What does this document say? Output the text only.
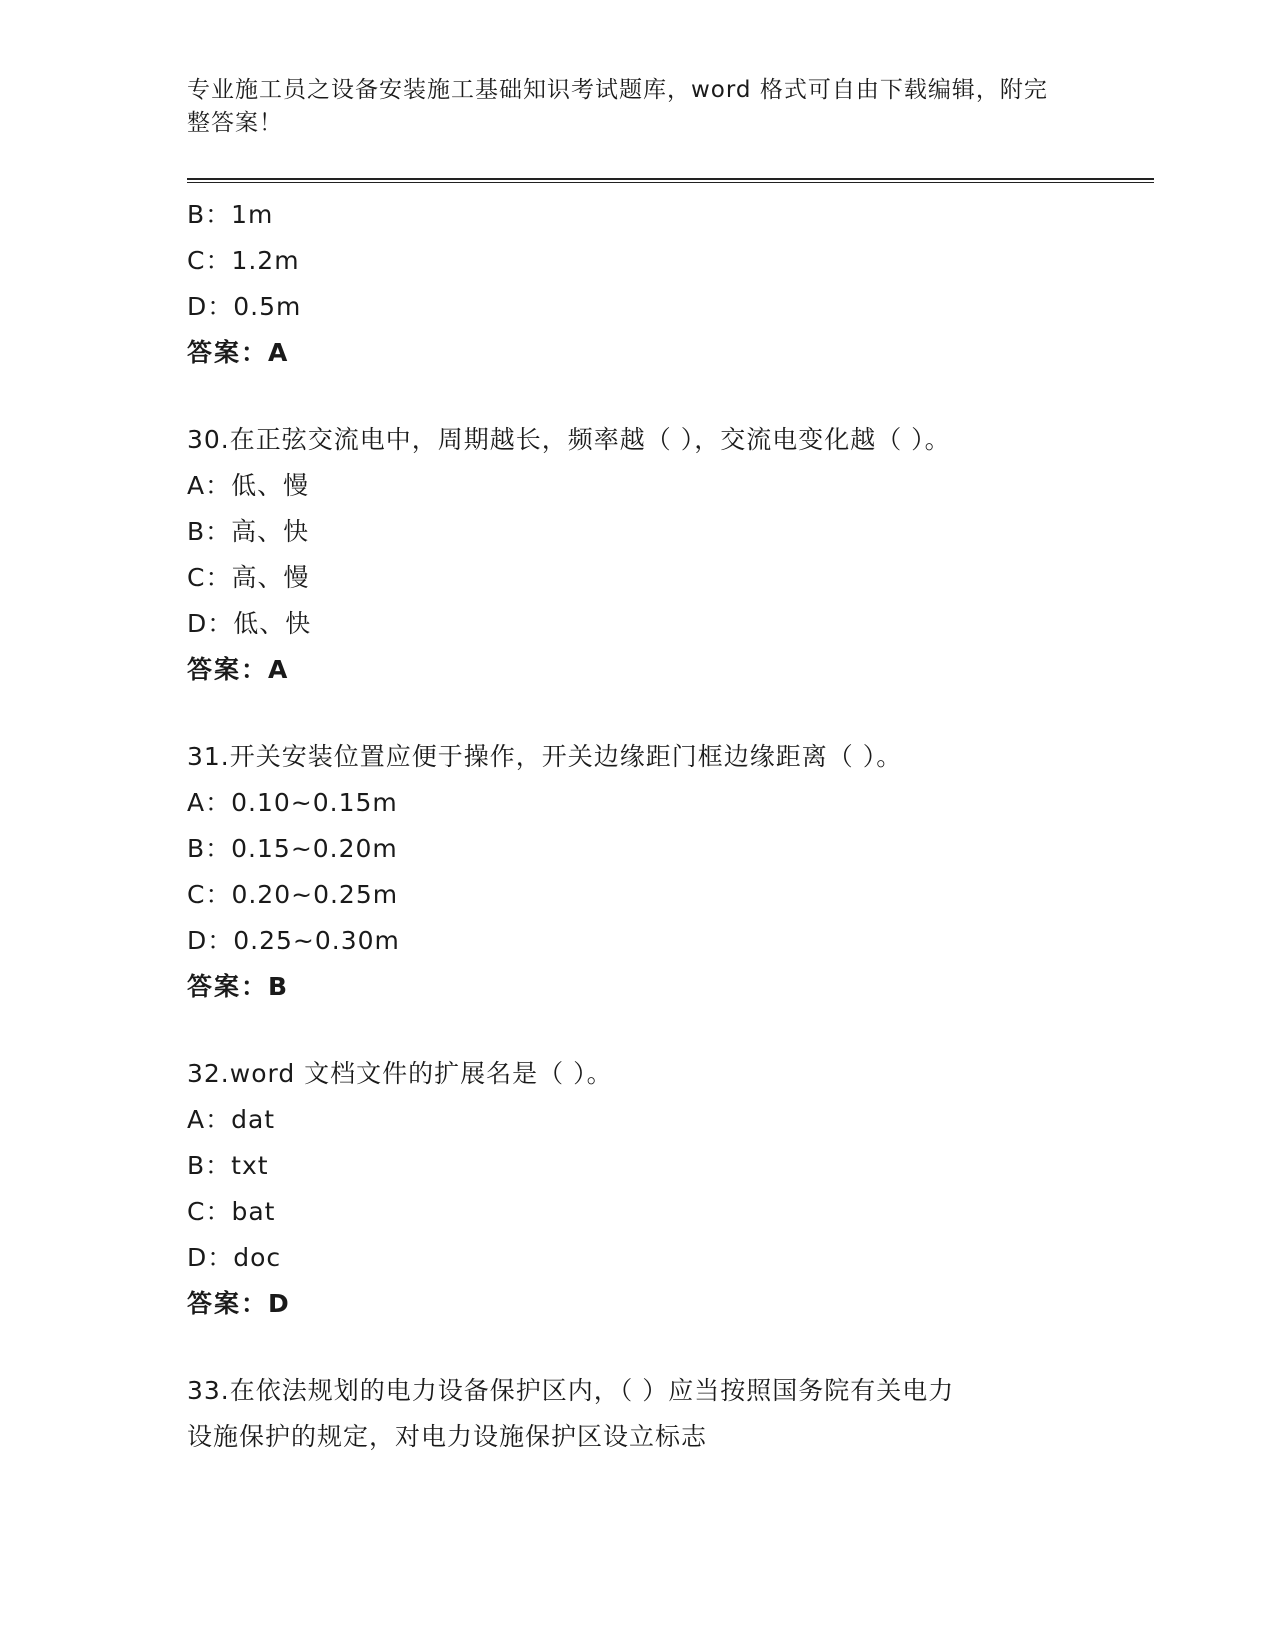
专业施工员之设备安装施工基础知识考试题库，word 格式可自由下载编辑，附完
整答案！
B：1m
C：1.2m
D：0.5m
答案：A
30.在正弦交流电中，周期越长，频率越（ ），交流电变化越（ ）。
A：低、慢
B：高、快
C：高、慢
D：低、快
答案：A
31.开关安装位置应便于操作，开关边缘距门框边缘距离（ ）。
A：0.10~0.15m
B：0.15~0.20m
C：0.20~0.25m
D：0.25~0.30m
答案：B
32.word 文档文件的扩展名是（ ）。
A：dat
B：txt
C：bat
D：doc
答案：D
33.在依法规划的电力设备保护区内，（ ）应当按照国务院有关电力
设施保护的规定，对电力设施保护区设立标志
